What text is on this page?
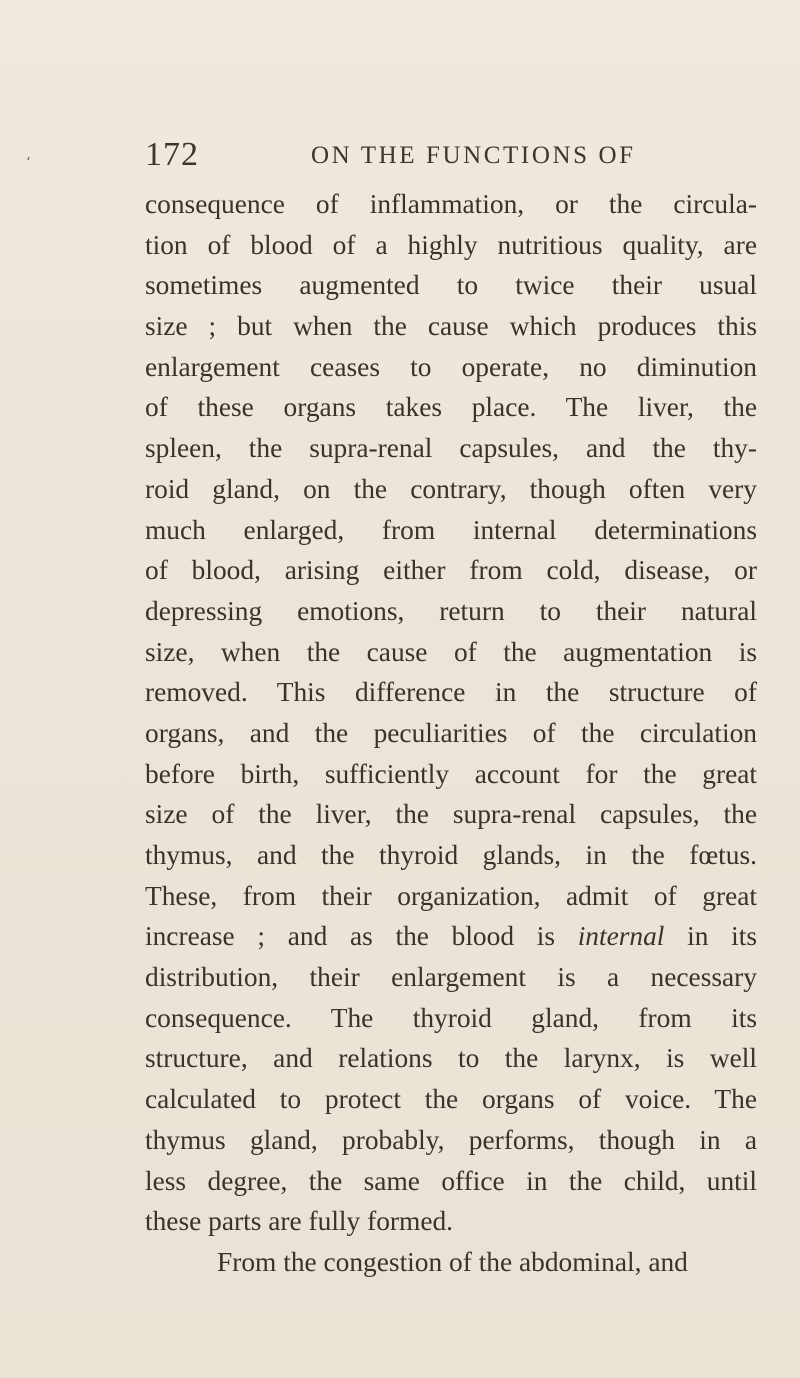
‘	172	ON THE FUNCTIONS OF
consequence of inflammation, or the circula-
tion of blood of a highly nutritious quality, are
sometimes augmented to twice their usual
size ; but when the cause which produces this
enlargement ceases to operate, no diminution
of these organs takes place. The liver, the
spleen, the supra-renal capsules, and the thy-
roid gland, on the contrary, though often very
much enlarged, from internal determinations
of blood, arising either from cold, disease, or
depressing emotions, return to their natural
size, when the cause of the augmentation is
removed. This difference in the structure of
organs, and the peculiarities of the circulation
before birth, sufficiently account for the great
size of the liver, the supra-renal capsules, the
thymus, and the thyroid glands, in the fœtus.
These, from their organization, admit of great
increase ; and as the blood is internal in its
distribution, their enlargement is a necessary
consequence. The thyroid gland, from its
structure, and relations to the larynx, is well
calculated to protect the organs of voice. The
thymus gland, probably, performs, though in a
less degree, the same office in the child, until
these parts are fully formed.
From the congestion of the abdominal, and
